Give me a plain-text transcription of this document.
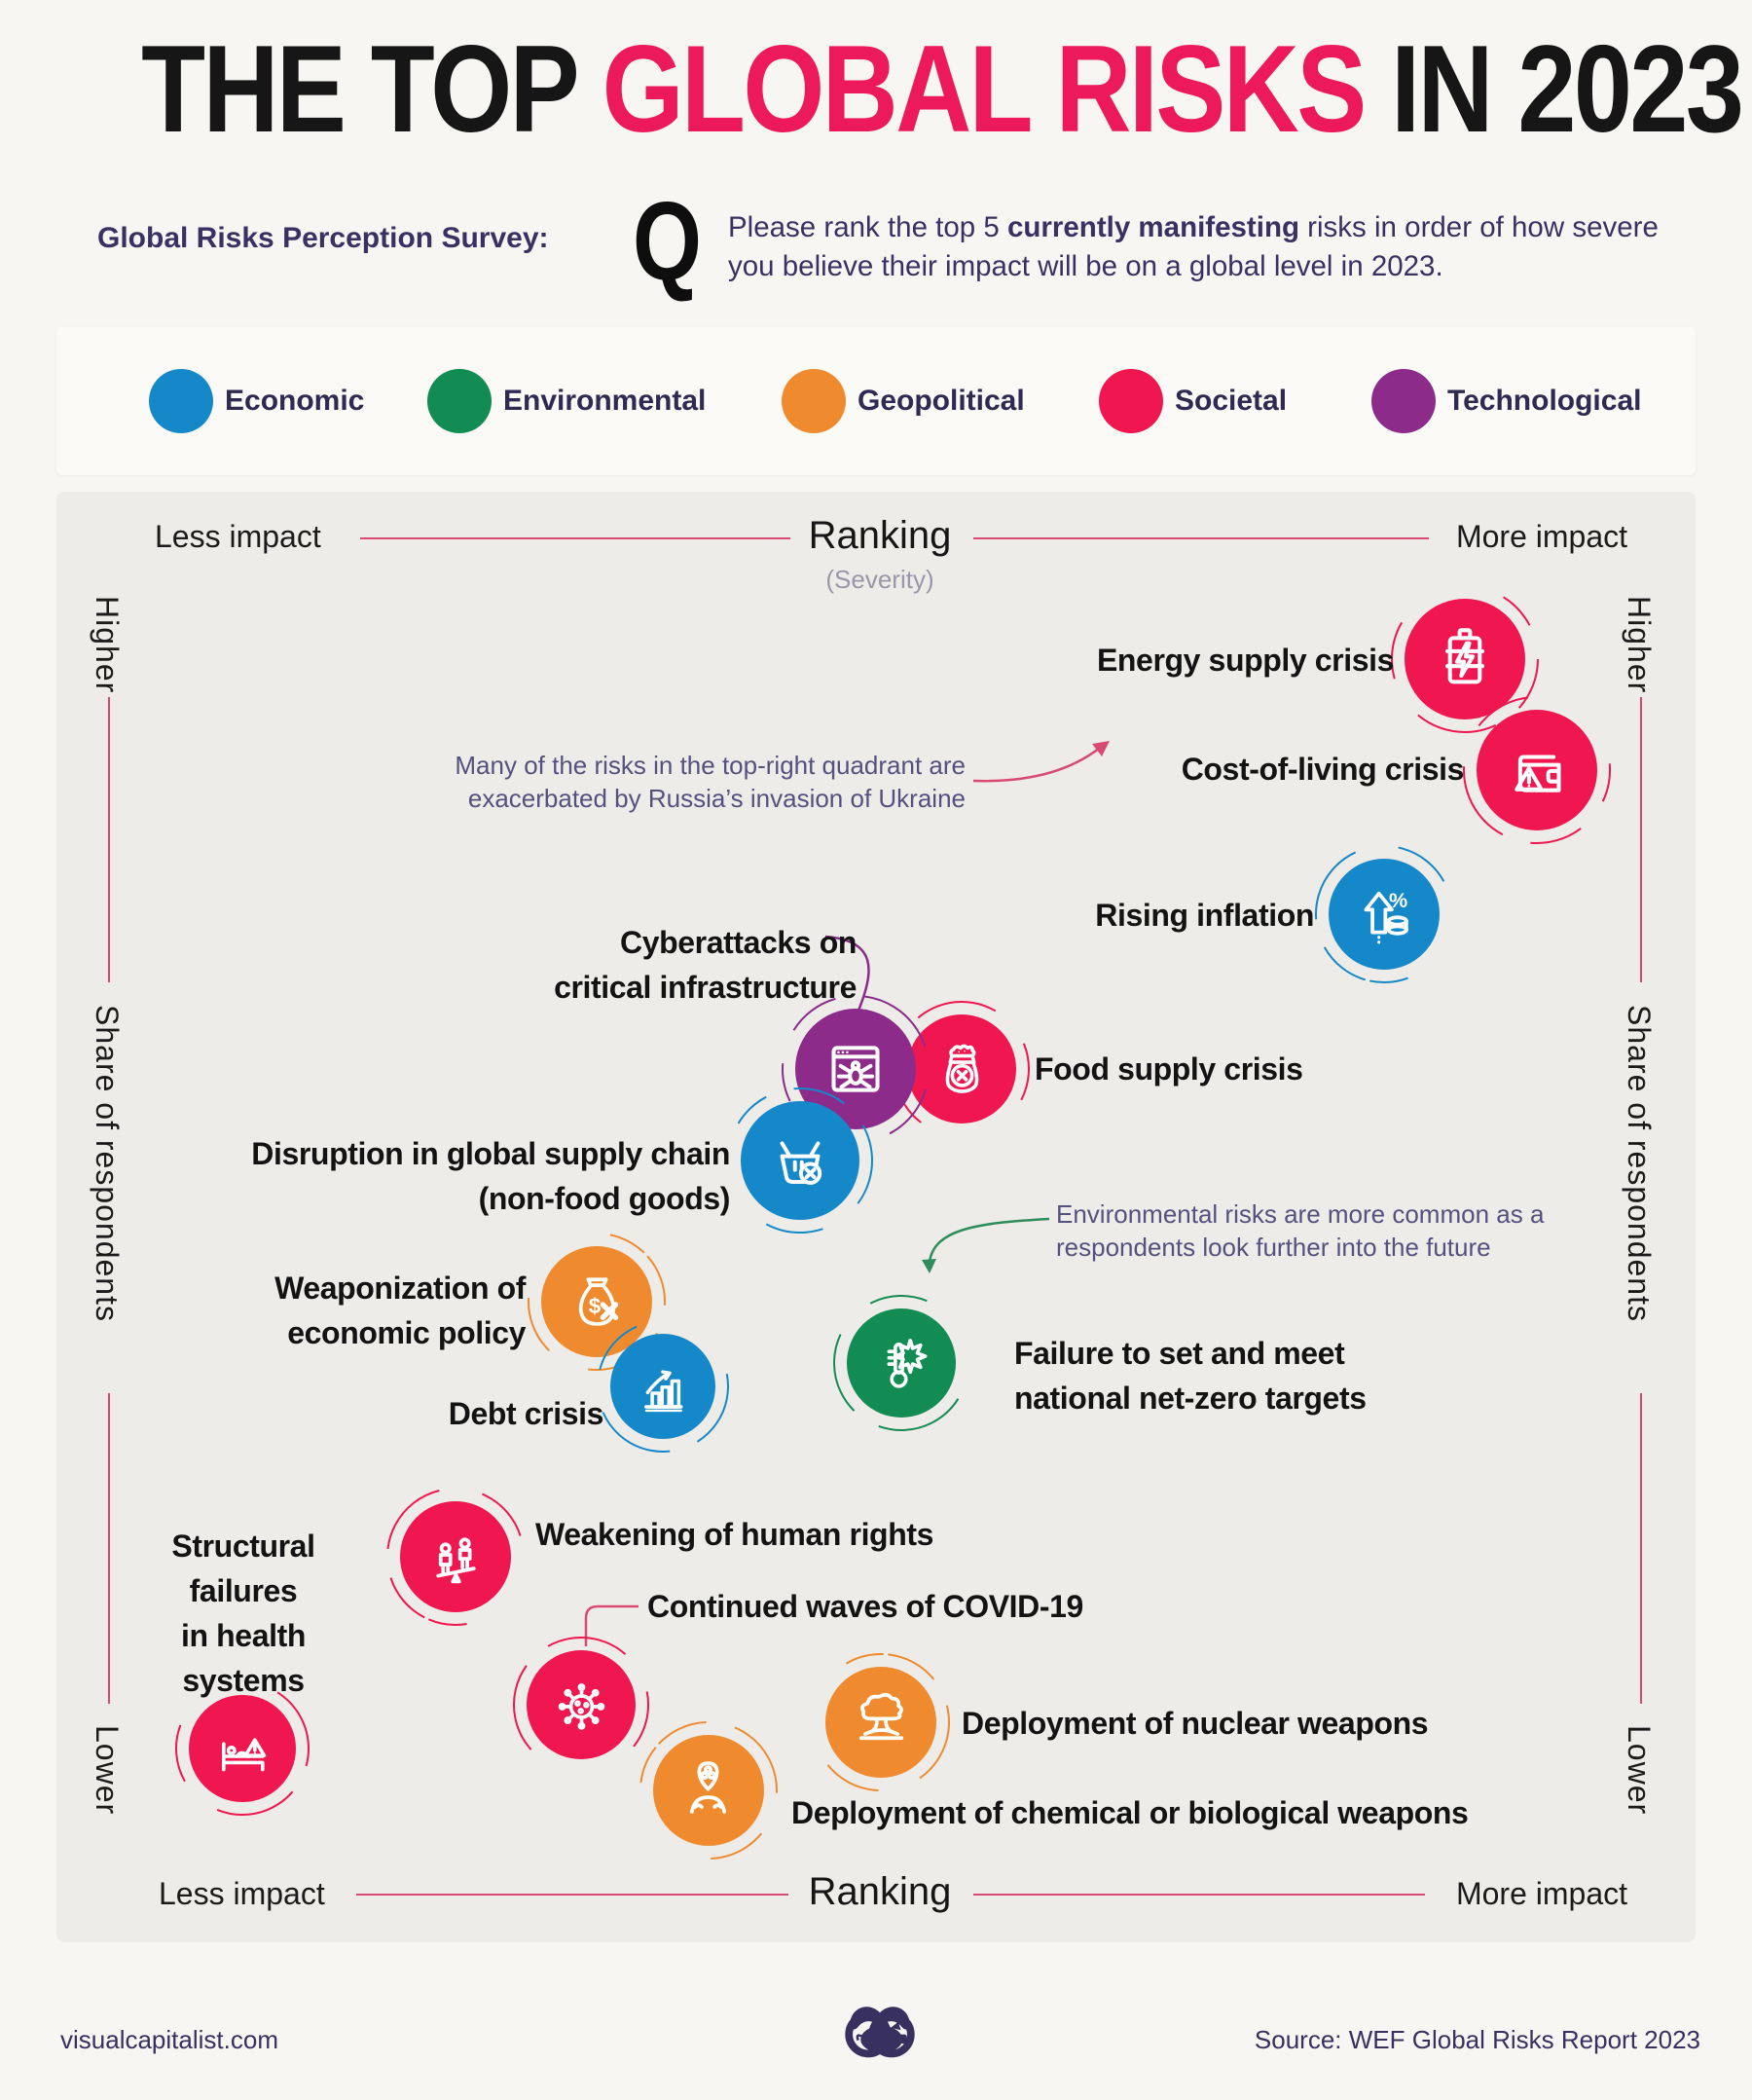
THE TOP GLOBAL RISKS IN 2023
Global Risks Perception Survey: Q Please rank the top 5 currently manifesting risks in order of how severe you believe their impact will be on a global level in 2023.
Economic	Environmental	Geopolitical	Societal	Technological
Less impact	Ranking
(Severity)
More impact
Less impact	Ranking	More impact
Higher
Share of respondents
Lower
Higher
Share of respondents
Lower
Many of the risks in the top-right quadrant are
exacerbated by Russia’s invasion of Ukraine
Environmental risks are more common as a
respondents look further into the future
Energy supply crisis
Cost-of-living crisis
%
Rising inflation
Food supply crisis
Cyberattacks on
critical infrastructure
Disruption in global supply chain
(non-food goods)
$
Weaponization of
economic policy
Debt crisis
Failure to set and meet
national net-zero targets
Weakening of human rights
Continued waves of COVID-19
Deployment of chemical or biological weapons
Deployment of nuclear weapons
Structural
failures
in health
systems
visualcapitalist.com	Source: WEF Global Risks Report 2023
